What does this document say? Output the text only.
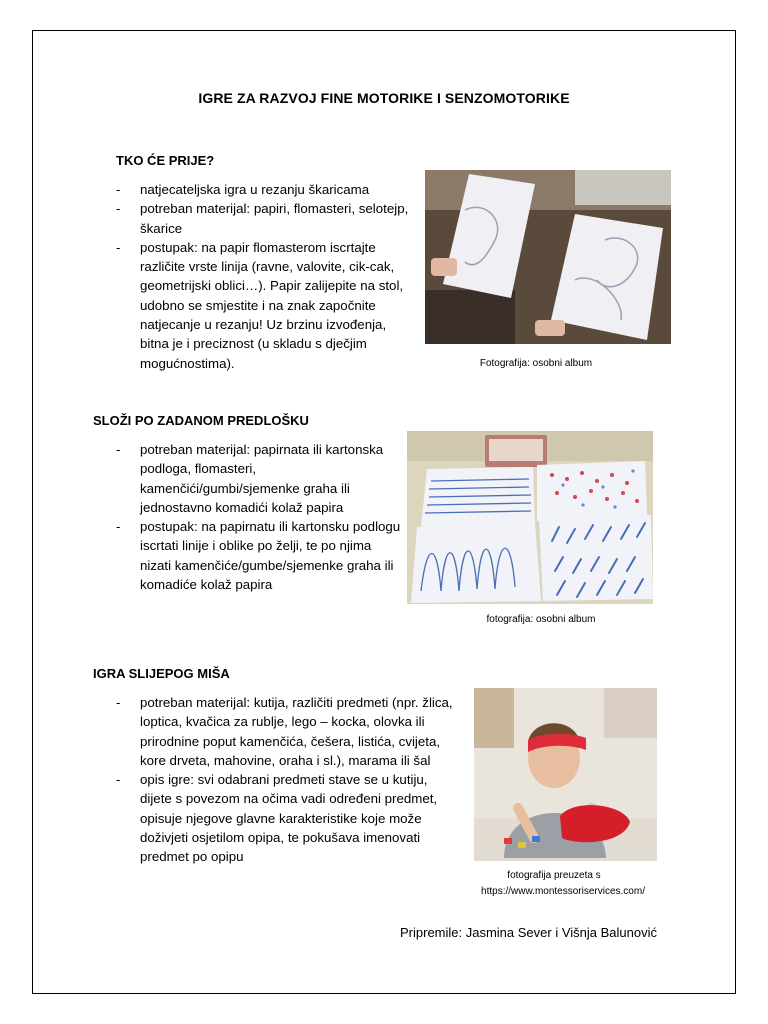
IGRE ZA RAZVOJ FINE MOTORIKE I SENZOMOTORIKE
TKO ĆE PRIJE?
- natjecateljska igra u rezanju škaricama
- potreban materijal: papiri, flomasteri, selotejp, škarice
- postupak: na papir flomasterom iscrtajte različite vrste linija (ravne, valovite, cik-cak, geometrijski oblici…). Papir zalijepite na stol, udobno se smjestite i na znak započnite natjecanje u rezanju! Uz brzinu izvođenja, bitna je i preciznost (u skladu s dječjim mogućnostima).	Fotografija: osobni album
SLOŽI PO ZADANOM PREDLOŠKU
- potreban materijal: papirnata ili kartonska podloga, flomasteri, kamenčići/gumbi/sjemenke graha ili jednostavno komadići kolaž papira
- postupak: na papirnatu ili kartonsku podlogu iscrtati linije i oblike po želji, te po njima nizati kamenčiće/gumbe/sjemenke graha ili komadiće kolaž papira
fotografija: osobni album
IGRA SLIJEPOG MIŠA
- potreban materijal: kutija, različiti predmeti (npr. žlica, loptica, kvačica za rublje, lego – kocka, olovka ili prirodnine poput kamenčića, češera, listića, cvijeta, kore drveta, mahovine, oraha i sl.), marama ili šal
- opis igre: svi odabrani predmeti stave se u kutiju, dijete s povezom na očima vadi određeni predmet, opisuje njegove glavne karakteristike koje može doživjeti osjetilom opipa, te pokušava imenovati predmet po opipu
fotografija preuzeta s
https://www.montessoriservices.com/
Pripremile: Jasmina Sever i Višnja Balunović
